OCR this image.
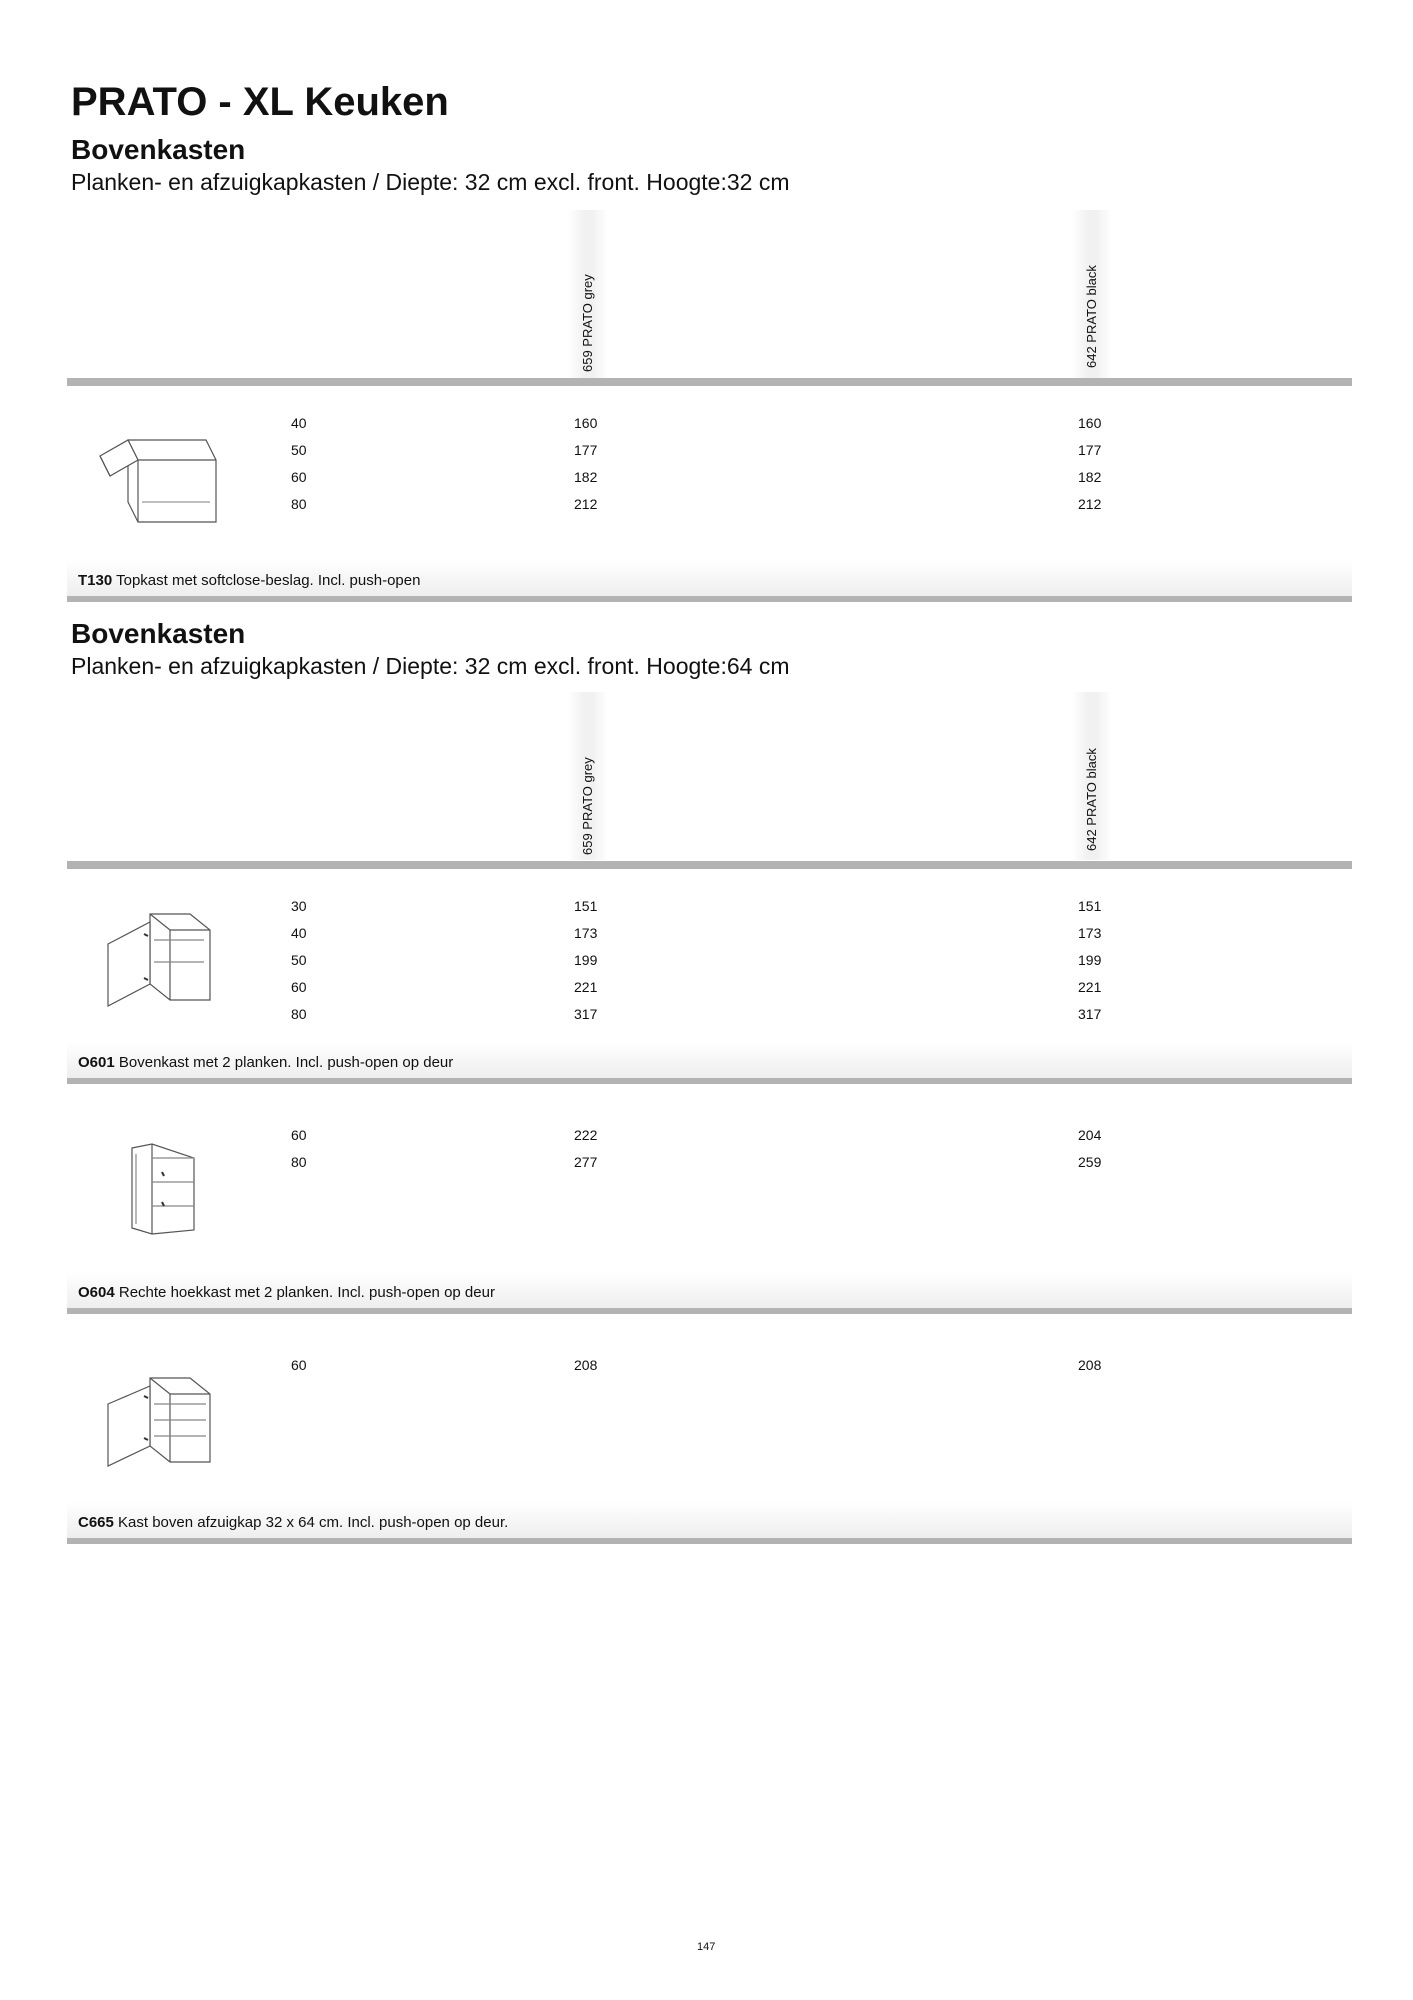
PRATO - XL Keuken
Bovenkasten

Planken- en afzuigkapkasten / Diepte: 32 cm excl. front. Hoogte:32 cm

659 PRATO grey	642 PRATO black
40	160	160
50	177	177
60	182	182
80	212	212
T130 Topkast met softclose-beslag. Incl. push-open
Bovenkasten

Planken- en afzuigkapkasten / Diepte: 32 cm excl. front. Hoogte:64 cm

659 PRATO grey	642 PRATO black
30	151	151
40	173	173
50	199	199
60	221	221
80	317	317
O601 Bovenkast met 2 planken. Incl. push-open op deur
60	222	204
80	277	259
O604 Rechte hoekkast met 2 planken. Incl. push-open op deur
60	208	208
C665 Kast boven afzuigkap 32 x 64 cm. Incl. push-open op deur.
147
